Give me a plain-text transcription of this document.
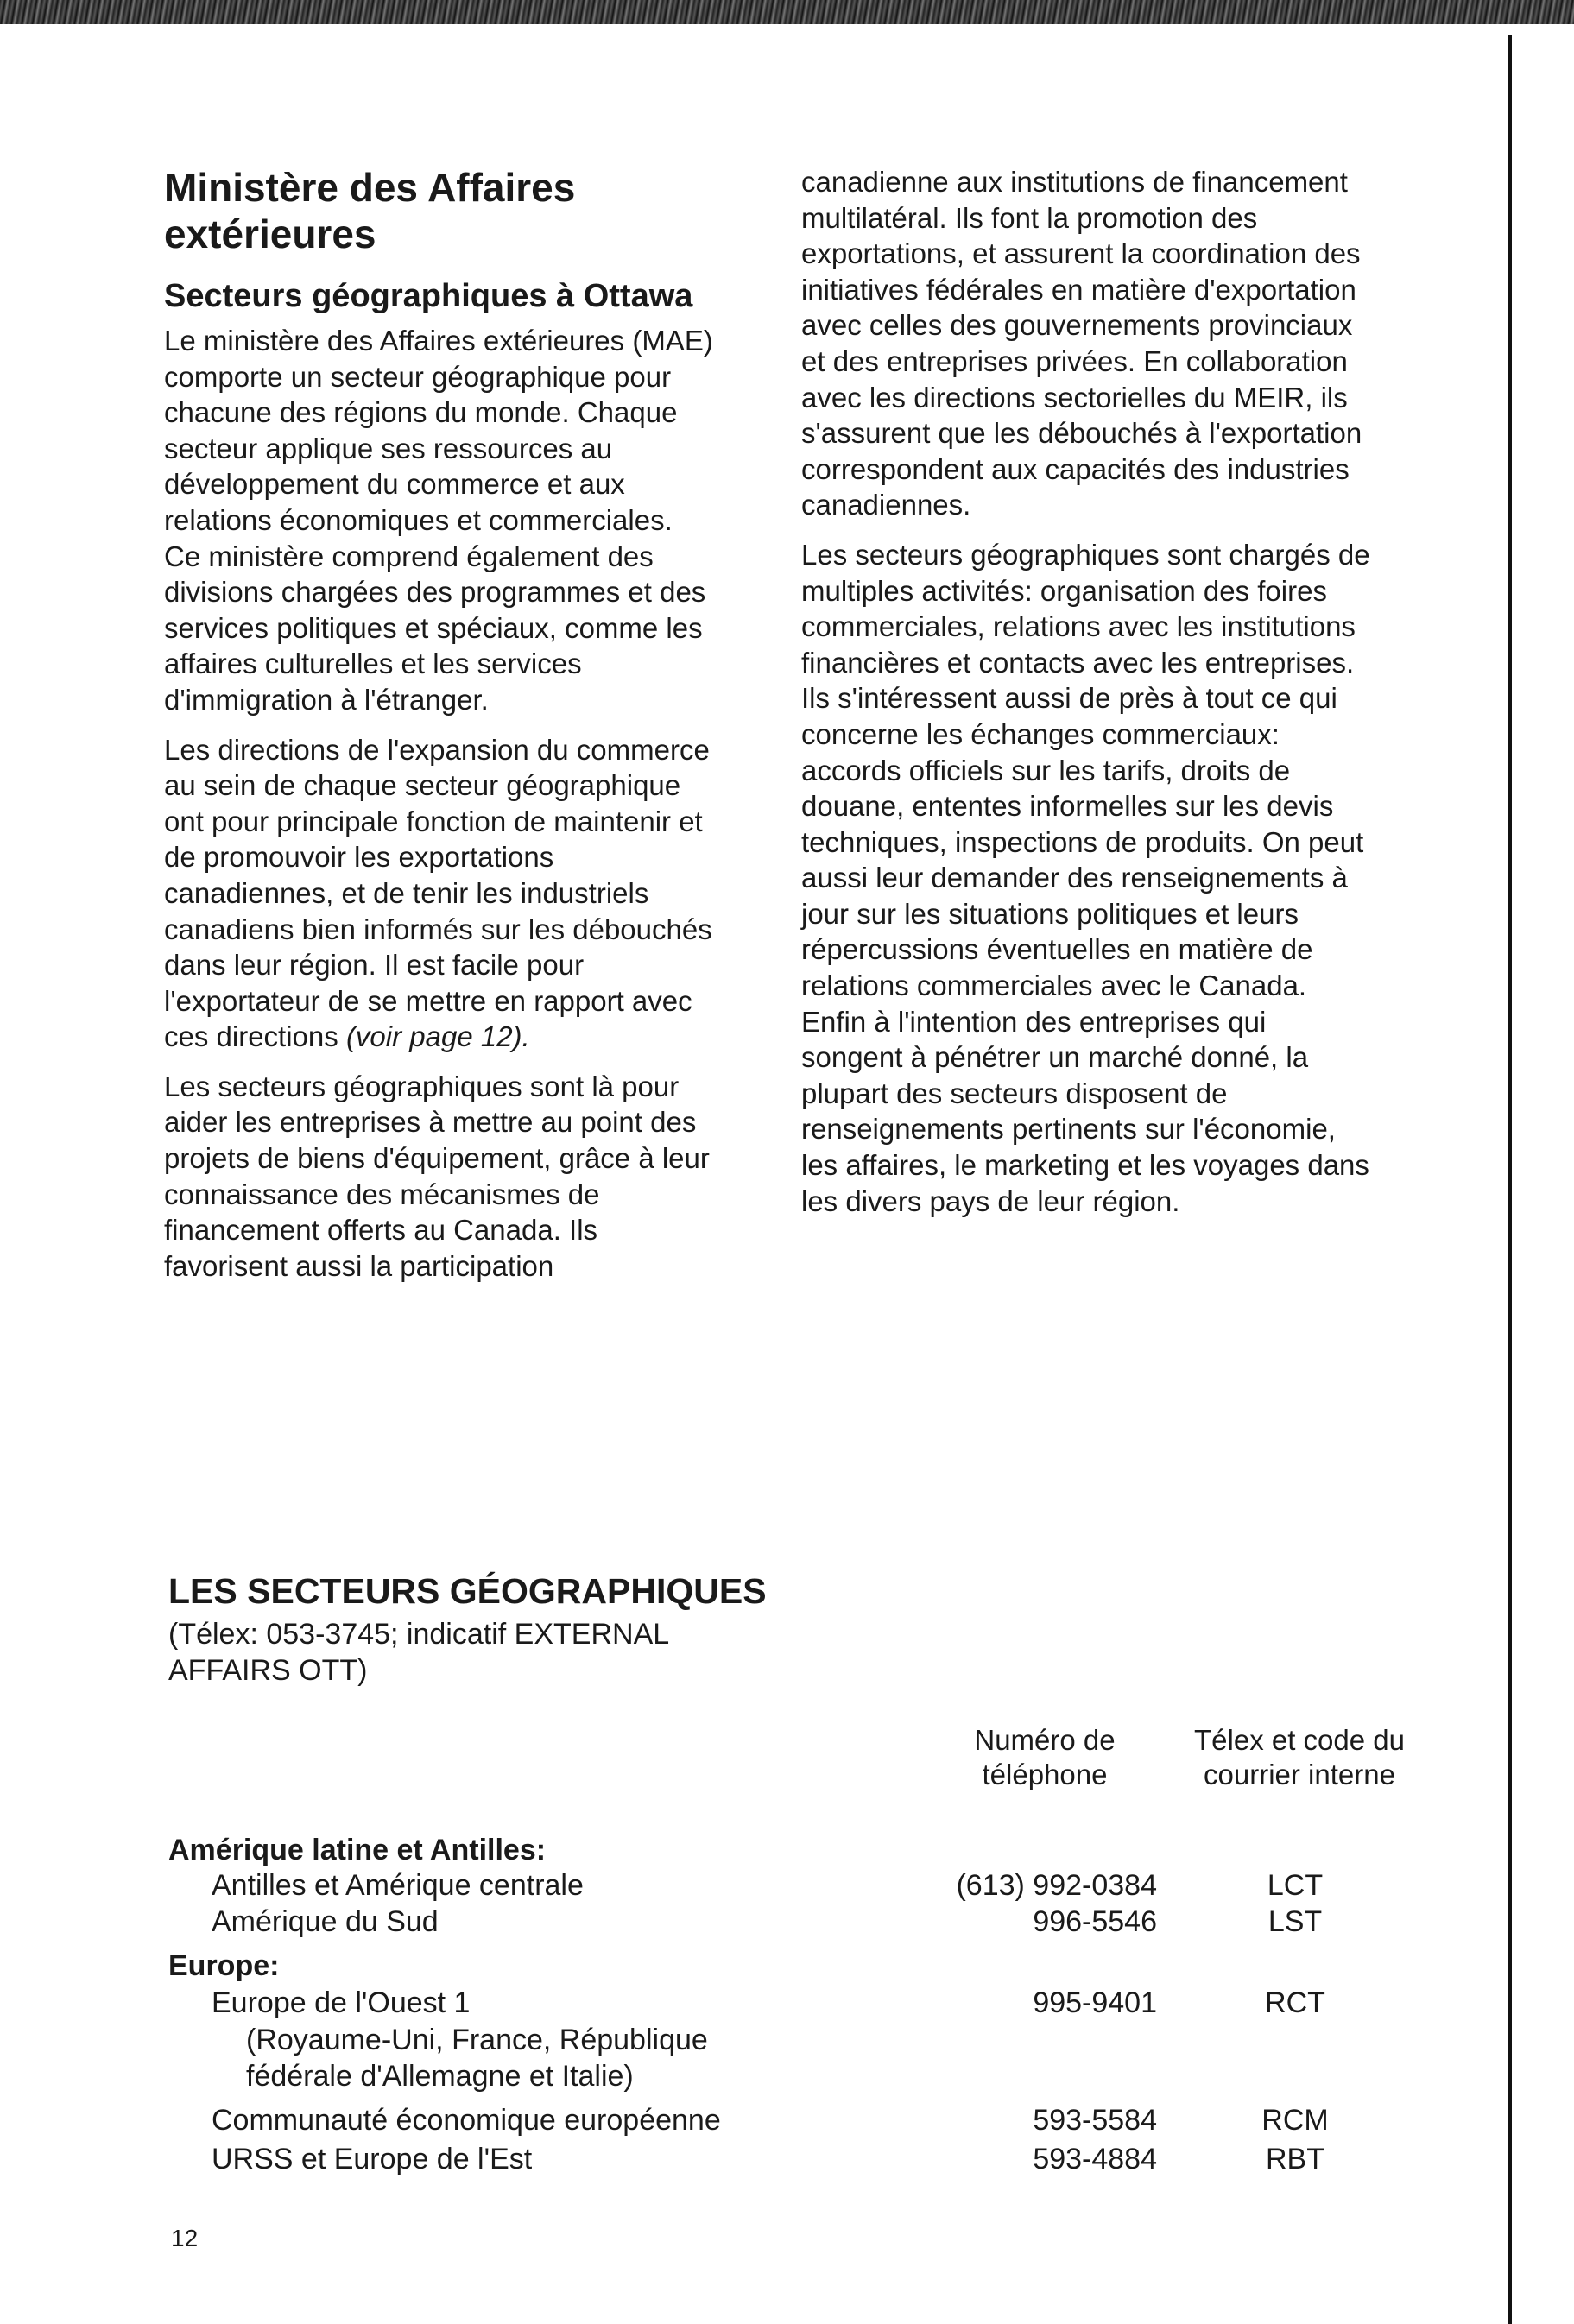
Ministère des Affaires extérieures
Secteurs géographiques à Ottawa

Le ministère des Affaires extérieures (MAE) comporte un secteur géographique pour chacune des régions du monde. Chaque secteur applique ses ressources au développement du commerce et aux relations économiques et commerciales. Ce ministère comprend également des divisions chargées des programmes et des services politiques et spéciaux, comme les affaires culturelles et les services d'immigration à l'étranger.

Les directions de l'expansion du commerce au sein de chaque secteur géographique ont pour principale fonction de maintenir et de promouvoir les exportations canadiennes, et de tenir les industriels canadiens bien informés sur les débouchés dans leur région. Il est facile pour l'exportateur de se mettre en rapport avec ces directions (voir page 12).

Les secteurs géographiques sont là pour aider les entreprises à mettre au point des projets de biens d'équipement, grâce à leur connaissance des mécanismes de financement offerts au Canada. Ils favorisent aussi la participation

canadienne aux institutions de financement multilatéral. Ils font la promotion des exportations, et assurent la coordination des initiatives fédérales en matière d'exportation avec celles des gouvernements provinciaux et des entreprises privées. En collaboration avec les directions sectorielles du MEIR, ils s'assurent que les débouchés à l'exportation correspondent aux capacités des industries canadiennes.

Les secteurs géographiques sont chargés de multiples activités: organisation des foires commerciales, relations avec les institutions financières et contacts avec les entreprises. Ils s'intéressent aussi de près à tout ce qui concerne les échanges commerciaux: accords officiels sur les tarifs, droits de douane, ententes informelles sur les devis techniques, inspections de produits. On peut aussi leur demander des renseignements à jour sur les situations politiques et leurs répercussions éventuelles en matière de relations commerciales avec le Canada. Enfin à l'intention des entreprises qui songent à pénétrer un marché donné, la plupart des secteurs disposent de renseignements pertinents sur l'économie, les affaires, le marketing et les voyages dans les divers pays de leur région.

LES SECTEURS GÉOGRAPHIQUES

(Télex: 053-3745; indicatif EXTERNAL AFFAIRS OTT)

Numéro de téléphone
Télex et code du courrier interne
Amérique latine et Antilles:
Antilles et Amérique centrale	(613) 992-0384	LCT
Amérique du Sud	996-5546	LST
Europe:
Europe de l'Ouest 1	995-9401	RCT
(Royaume-Uni, France, République
fédérale d'Allemagne et Italie)
Communauté économique européenne	593-5584	RCM
URSS et Europe de l'Est	593-4884	RBT
12
